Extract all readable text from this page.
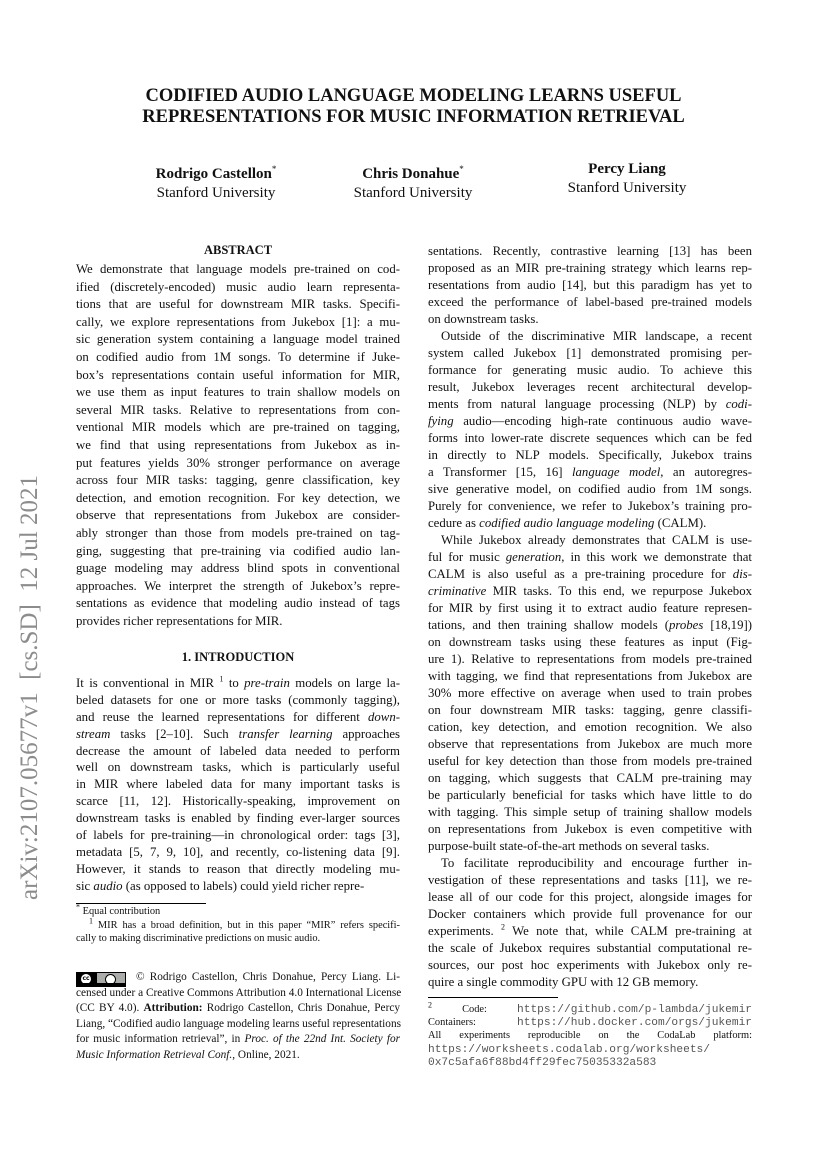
CODIFIED AUDIO LANGUAGE MODELING LEARNS USEFUL
REPRESENTATIONS FOR MUSIC INFORMATION RETRIEVAL
Rodrigo Castellon*
Stanford University
Chris Donahue*
Stanford University
Percy Liang
Stanford University
arXiv:2107.05677v1  [cs.SD]  12 Jul 2021
ABSTRACT
We demonstrate that language models pre-trained on cod-
ified (discretely-encoded) music audio learn representa-
tions that are useful for downstream MIR tasks. Specifi-
cally, we explore representations from Jukebox [1]: a mu-
sic generation system containing a language model trained
on codified audio from 1M songs. To determine if Juke-
box’s representations contain useful information for MIR,
we use them as input features to train shallow models on
several MIR tasks. Relative to representations from con-
ventional MIR models which are pre-trained on tagging,
we find that using representations from Jukebox as in-
put features yields 30% stronger performance on average
across four MIR tasks: tagging, genre classification, key
detection, and emotion recognition. For key detection, we
observe that representations from Jukebox are consider-
ably stronger than those from models pre-trained on tag-
ging, suggesting that pre-training via codified audio lan-
guage modeling may address blind spots in conventional
approaches. We interpret the strength of Jukebox’s repre-
sentations as evidence that modeling audio instead of tags
provides richer representations for MIR.
1. INTRODUCTION
It is conventional in MIR $^1$ to pre-train models on large la-
beled datasets for one or more tasks (commonly tagging),
and reuse the learned representations for different down-
stream tasks [2–10]. Such transfer learning approaches
decrease the amount of labeled data needed to perform
well on downstream tasks, which is particularly useful
in MIR where labeled data for many important tasks is
scarce [11, 12]. Historically-speaking, improvement on
downstream tasks is enabled by finding ever-larger sources
of labels for pre-training—in chronological order: tags [3],
metadata [5, 7, 9, 10], and recently, co-listening data [9].
However, it stands to reason that directly modeling mu-
sic audio (as opposed to labels) could yield richer repre-
sentations. Recently, contrastive learning [13] has been
proposed as an MIR pre-training strategy which learns rep-
resentations from audio [14], but this paradigm has yet to
exceed the performance of label-based pre-trained models
on downstream tasks.
Outside of the discriminative MIR landscape, a recent
system called Jukebox [1] demonstrated promising per-
formance for generating music audio. To achieve this
result, Jukebox leverages recent architectural develop-
ments from natural language processing (NLP) by codi-
fying audio—encoding high-rate continuous audio wave-
forms into lower-rate discrete sequences which can be fed
in directly to NLP models. Specifically, Jukebox trains
a Transformer [15, 16] language model, an autoregres-
sive generative model, on codified audio from 1M songs.
Purely for convenience, we refer to Jukebox’s training pro-
cedure as codified audio language modeling (CALM).
While Jukebox already demonstrates that CALM is use-
ful for music generation, in this work we demonstrate that
CALM is also useful as a pre-training procedure for dis-
criminative MIR tasks. To this end, we repurpose Jukebox
for MIR by first using it to extract audio feature represen-
tations, and then training shallow models (probes [18,19])
on downstream tasks using these features as input (Fig-
ure 1). Relative to representations from models pre-trained
with tagging, we find that representations from Jukebox are
30% more effective on average when used to train probes
on four downstream MIR tasks: tagging, genre classifi-
cation, key detection, and emotion recognition. We also
observe that representations from Jukebox are much more
useful for key detection than those from models pre-trained
on tagging, which suggests that CALM pre-training may
be particularly beneficial for tasks which have little to do
with tagging. This simple setup of training shallow models
on representations from Jukebox is even competitive with
purpose-built state-of-the-art methods on several tasks.
To facilitate reproducibility and encourage further in-
vestigation of these representations and tasks [11], we re-
lease all of our code for this project, alongside images for
Docker containers which provide full provenance for our
experiments. $^2$ We note that, while CALM pre-training at
the scale of Jukebox requires substantial computational re-
sources, our post hoc experiments with Jukebox only re-
quire a single commodity GPU with 12 GB memory.
* Equal contribution
$^1$ MIR has a broad definition, but in this paper “MIR” refers specifi-
cally to making discriminative predictions on music audio.
cc	© Rodrigo Castellon, Chris Donahue, Percy Liang. Li-
censed under a Creative Commons Attribution 4.0 International License
(CC BY 4.0). Attribution: Rodrigo Castellon, Chris Donahue, Percy
Liang, “Codified audio language modeling learns useful representations
for music information retrieval”, in Proc. of the 22nd Int. Society for
Music Information Retrieval Conf., Online, 2021.
$^2$ Code: https://github.com/p-lambda/jukemir
Containers: https://hub.docker.com/orgs/jukemir
All experiments reproducible on the CodaLab platform:
https://worksheets.codalab.org/worksheets/
0x7c5afa6f88bd4ff29fec75035332a583
